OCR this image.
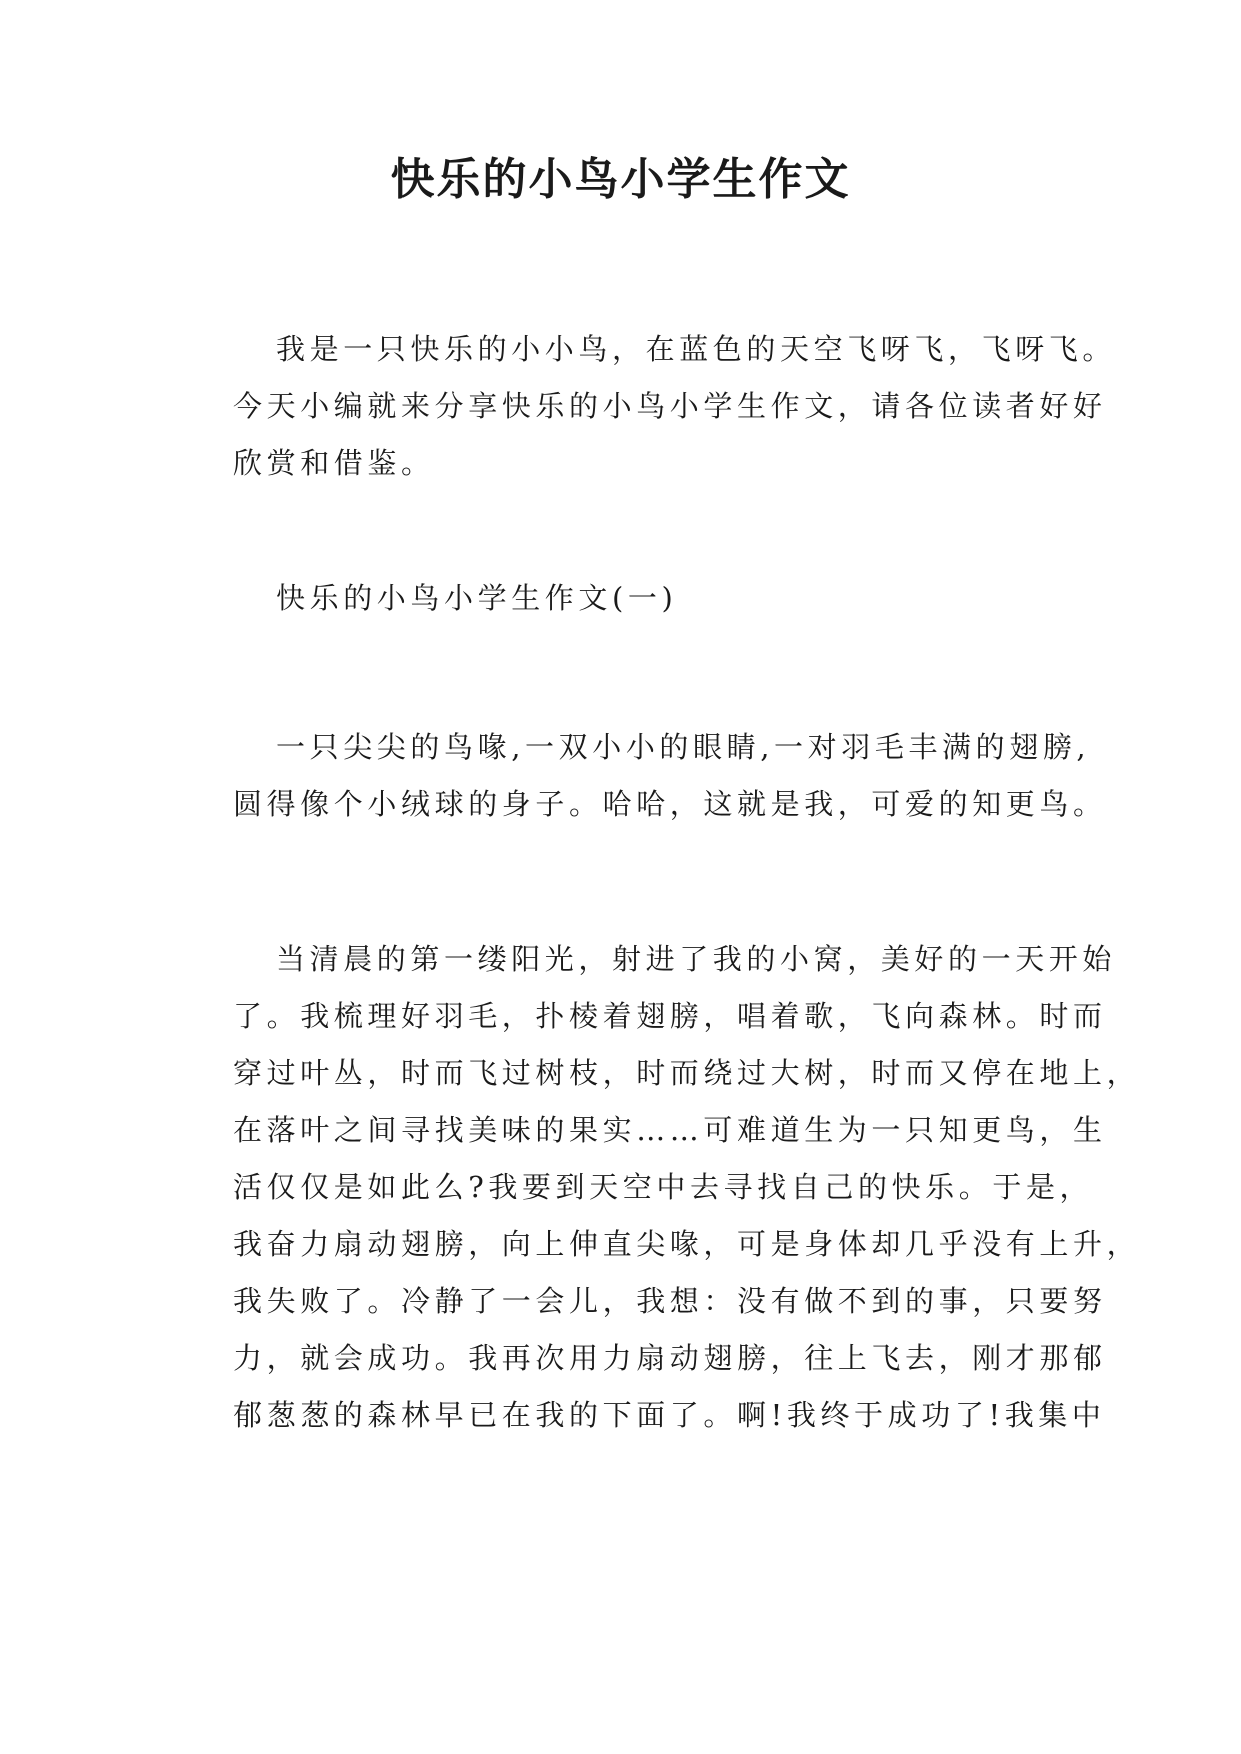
快乐的小鸟小学生作文
我是一只快乐的小小鸟，在蓝色的天空飞呀飞，飞呀飞。
今天小编就来分享快乐的小鸟小学生作文，请各位读者好好
欣赏和借鉴。
快乐的小鸟小学生作文(一)
一只尖尖的鸟喙,一双小小的眼睛,一对羽毛丰满的翅膀,
圆得像个小绒球的身子。哈哈，这就是我，可爱的知更鸟。
当清晨的第一缕阳光，射进了我的小窝，美好的一天开始
了。我梳理好羽毛，扑棱着翅膀，唱着歌，飞向森林。时而
穿过叶丛，时而飞过树枝，时而绕过大树，时而又停在地上，
在落叶之间寻找美味的果实……可难道生为一只知更鸟，生
活仅仅是如此么?我要到天空中去寻找自己的快乐。于是，
我奋力扇动翅膀，向上伸直尖喙，可是身体却几乎没有上升，
我失败了。冷静了一会儿，我想：没有做不到的事，只要努
力，就会成功。我再次用力扇动翅膀，往上飞去，刚才那郁
郁葱葱的森林早已在我的下面了。啊!我终于成功了!我集中
